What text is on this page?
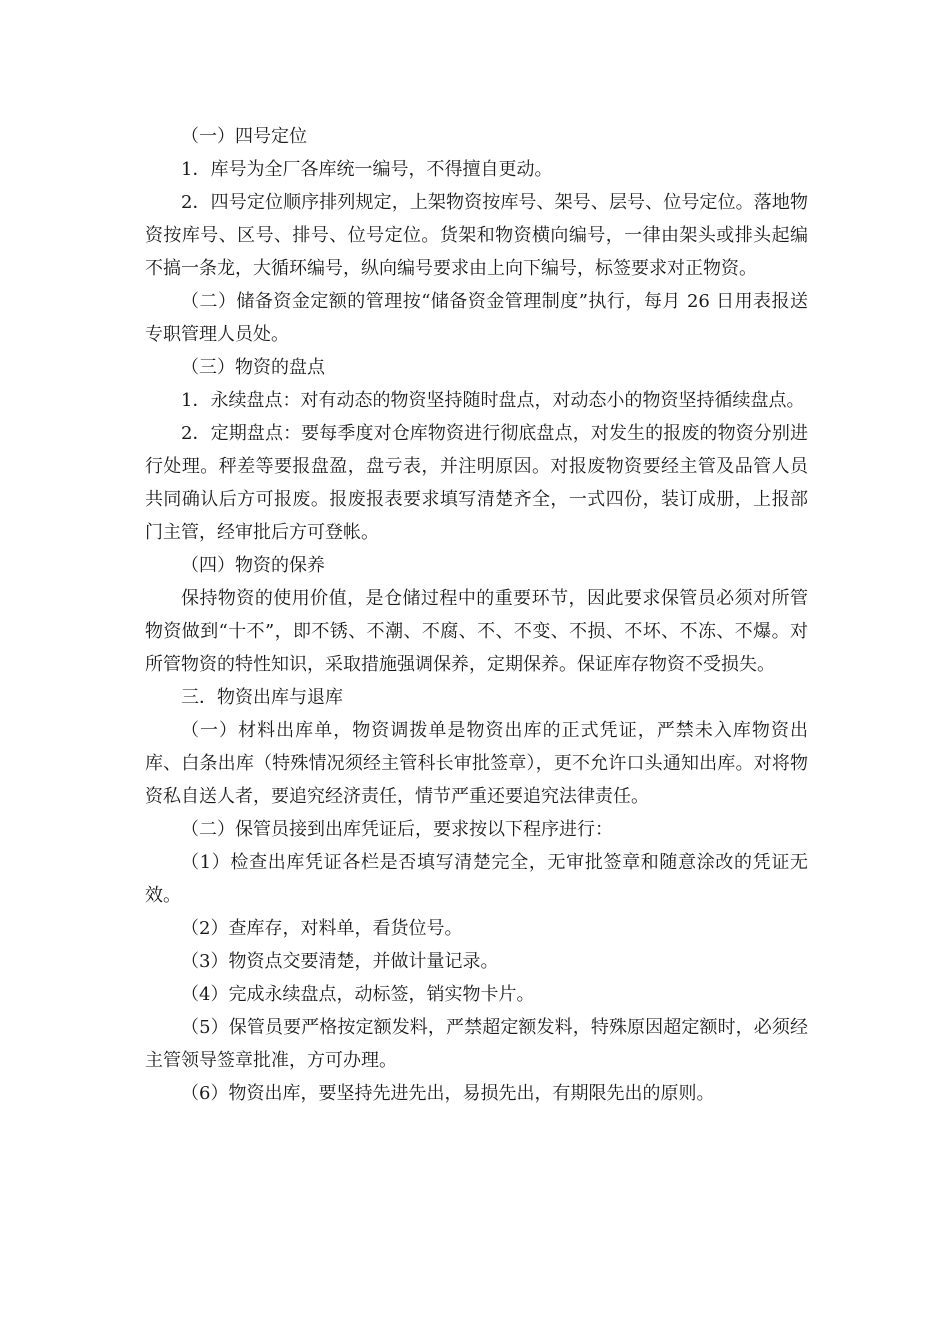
（一）四号定位

1．库号为全厂各库统一编号，不得擅自更动。

2．四号定位顺序排列规定，上架物资按库号、架号、层号、位号定位。落地物资按库号、区号、排号、位号定位。货架和物资横向编号，一律由架头或排头起编不搞一条龙，大循环编号，纵向编号要求由上向下编号，标签要求对正物资。

（二）储备资金定额的管理按“储备资金管理制度”执行，每月 26 日用表报送专职管理人员处。

（三）物资的盘点

1．永续盘点：对有动态的物资坚持随时盘点，对动态小的物资坚持循续盘点。

2．定期盘点：要每季度对仓库物资进行彻底盘点，对发生的报废的物资分别进行处理。秤差等要报盘盈，盘亏表，并注明原因。对报废物资要经主管及品管人员共同确认后方可报废。报废报表要求填写清楚齐全，一式四份，装订成册，上报部门主管，经审批后方可登帐。

（四）物资的保养

保持物资的使用价值，是仓储过程中的重要环节，因此要求保管员必须对所管物资做到“十不”，即不锈、不潮、不腐、不、不变、不损、不坏、不冻、不爆。对所管物资的特性知识，采取措施强调保养，定期保养。保证库存物资不受损失。

三．物资出库与退库

（一）材料出库单，物资调拨单是物资出库的正式凭证，严禁未入库物资出库、白条出库（特殊情况须经主管科长审批签章），更不允许口头通知出库。对将物资私自送人者，要追究经济责任，情节严重还要追究法律责任。

（二）保管员接到出库凭证后，要求按以下程序进行：

（1）检查出库凭证各栏是否填写清楚完全，无审批签章和随意涂改的凭证无效。

（2）查库存，对料单，看货位号。

（3）物资点交要清楚，并做计量记录。

（4）完成永续盘点，动标签，销实物卡片。

（5）保管员要严格按定额发料，严禁超定额发料，特殊原因超定额时，必须经主管领导签章批准，方可办理。

（6）物资出库，要坚持先进先出，易损先出，有期限先出的原则。
